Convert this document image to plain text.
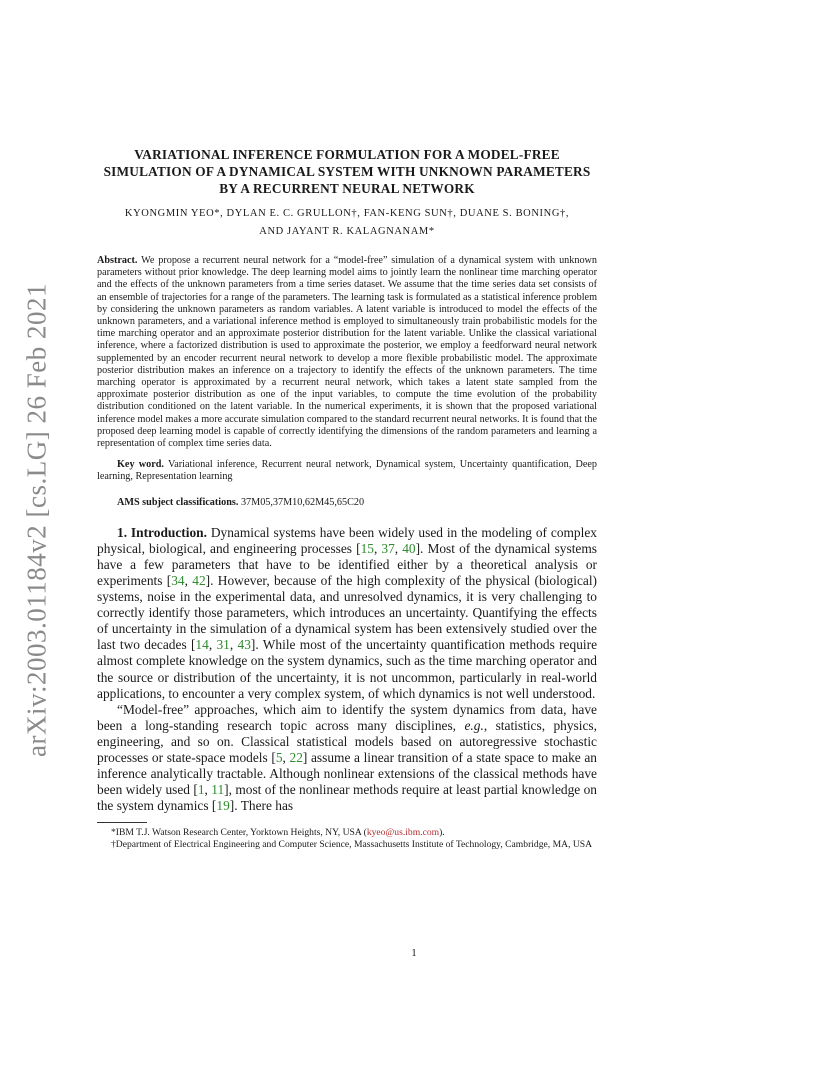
arXiv:2003.01184v2 [cs.LG] 26 Feb 2021
VARIATIONAL INFERENCE FORMULATION FOR A MODEL-FREE SIMULATION OF A DYNAMICAL SYSTEM WITH UNKNOWN PARAMETERS BY A RECURRENT NEURAL NETWORK
KYONGMIN YEO*, DYLAN E. C. GRULLON†, FAN-KENG SUN†, DUANE S. BONING†,
AND JAYANT R. KALAGNANAM*
Abstract. We propose a recurrent neural network for a “model-free” simulation of a dynamical system with unknown parameters without prior knowledge. The deep learning model aims to jointly learn the nonlinear time marching operator and the effects of the unknown parameters from a time series dataset. We assume that the time series data set consists of an ensemble of trajectories for a range of the parameters. The learning task is formulated as a statistical inference problem by considering the unknown parameters as random variables. A latent variable is introduced to model the effects of the unknown parameters, and a variational inference method is employed to simultaneously train probabilistic models for the time marching operator and an approximate posterior distribution for the latent variable. Unlike the classical variational inference, where a factorized distribution is used to approximate the posterior, we employ a feedforward neural network supplemented by an encoder recurrent neural network to develop a more flexible probabilistic model. The approximate posterior distribution makes an inference on a trajectory to identify the effects of the unknown parameters. The time marching operator is approximated by a recurrent neural network, which takes a latent state sampled from the approximate posterior distribution as one of the input variables, to compute the time evolution of the probability distribution conditioned on the latent variable. In the numerical experiments, it is shown that the proposed variational inference model makes a more accurate simulation compared to the standard recurrent neural networks. It is found that the proposed deep learning model is capable of correctly identifying the dimensions of the random parameters and learning a representation of complex time series data.
Key word. Variational inference, Recurrent neural network, Dynamical system, Uncertainty quantification, Deep learning, Representation learning
AMS subject classifications. 37M05,37M10,62M45,65C20

1. Introduction. Dynamical systems have been widely used in the modeling of complex physical, biological, and engineering processes [15, 37, 40]. Most of the dynamical systems have a few parameters that have to be identified either by a theoretical analysis or experiments [34, 42]. However, because of the high complexity of the physical (biological) systems, noise in the experimental data, and unresolved dynamics, it is very challenging to correctly identify those parameters, which introduces an uncertainty. Quantifying the effects of uncertainty in the simulation of a dynamical system has been extensively studied over the last two decades [14, 31, 43]. While most of the uncertainty quantification methods require almost complete knowledge on the system dynamics, such as the time marching operator and the source or distribution of the uncertainty, it is not uncommon, particularly in real-world applications, to encounter a very complex system, of which dynamics is not well understood.

“Model-free” approaches, which aim to identify the system dynamics from data, have been a long-standing research topic across many disciplines, e.g., statistics, physics, engineering, and so on. Classical statistical models based on autoregressive stochastic processes or state-space models [5, 22] assume a linear transition of a state space to make an inference analytically tractable. Although nonlinear extensions of the classical methods have been widely used [1, 11], most of the nonlinear methods require at least partial knowledge on the system dynamics [19]. There has

*IBM T.J. Watson Research Center, Yorktown Heights, NY, USA (kyeo@us.ibm.com).
†Department of Electrical Engineering and Computer Science, Massachusetts Institute of Technology, Cambridge, MA, USA
1
